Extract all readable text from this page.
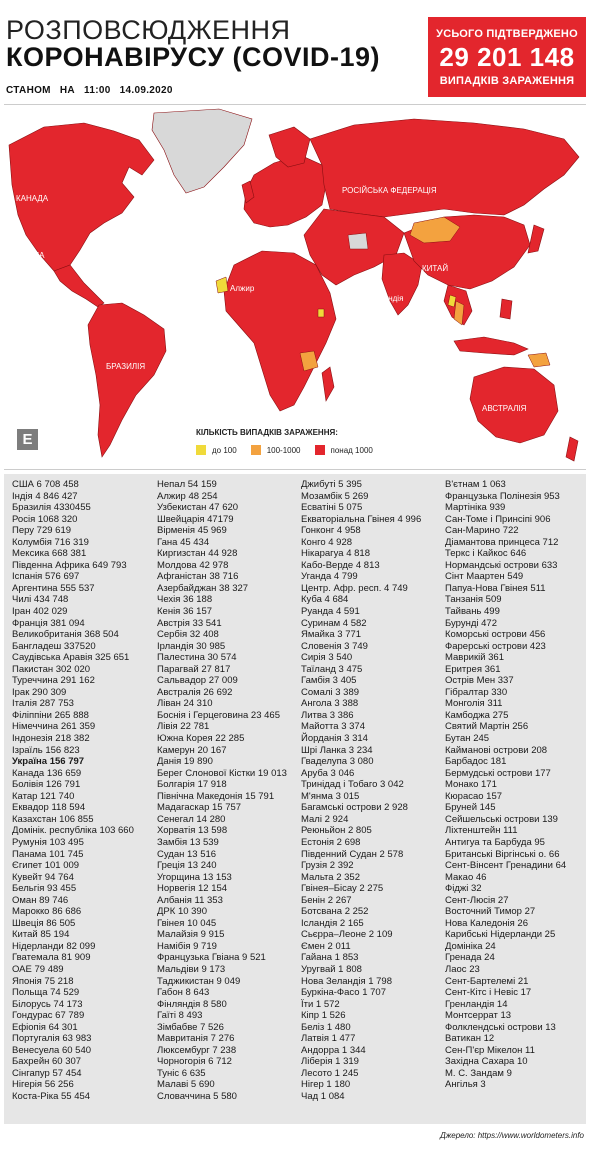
РОЗПОВСЮДЖЕННЯ
КОРОНАВІРУСУ (COVID-19)
СТАНОМ НА 11:00 14.09.2020
УСЬОГО ПІДТВЕРДЖЕНО
29 201 148
ВИПАДКІВ ЗАРАЖЕННЯ
КАНАДА
США
БРАЗИЛІЯ
РОСІЙСЬКА ФЕДЕРАЦІЯ
КИТАЙ
АВСТРАЛІЯ
Алжир
Франція
Україна
Індія
Е	КІЛЬКІСТЬ ВИПАДКІВ ЗАРАЖЕННЯ:
до 100	100-1000	понад 1000
США 6 708 458
Індія 4 846 427
Бразилія 4330455
Росія 1068 320
Перу 729 619
Колумбія 716 319
Мексика 668 381
Південна Африка 649 793
Іспанія 576 697
Аргентина 555 537
Чилі 434 748
Іран 402 029
Франція 381 094
Великобританія 368 504
Бангладеш 337520
Саудівська Аравія 325 651
Пакистан 302 020
Туреччина 291 162
Ірак 290 309
Італія 287 753
Філіппіни 265 888
Німеччина 261 359
Індонезія 218 382
Ізраїль 156 823
Україна 156 797
Канада 136 659
Болівія 126 791
Катар 121 740
Еквадор 118 594
Казахстан 106 855
Домінік. республіка 103 660
Румунія 103 495
Панама 101 745
Єгипет 101 009
Кувейт 94 764
Бельгія 93 455
Оман 89 746
Мароккo 86 686
Швеція 86 505
Китай 85 194
Нідерланди 82 099
Гватемала 81 909
ОАЕ 79 489
Японія 75 218
Польща 74 529
Білорусь 74 173
Гондурас 67 789
Ефіопія 64 301
Португалія 63 983
Венесуела 60 540
Бахрейн 60 307
Сінгапур 57 454
Нігерія 56 256
Коста-Ріка 55 454
Непал 54 159
Алжир 48 254
Узбекистан 47 620
Швейцарія 47179
Вірменія 45 969
Гана 45 434
Киргизстан 44 928
Молдова 42 978
Афганістан 38 716
Азербайджан 38 327
Чехія 36 188
Кенія 36 157
Австрія 33 541
Сербія 32 408
Ірландія 30 985
Палестина 30 574
Парагвай 27 817
Сальвадор 27 009
Австралія 26 692
Ліван 24 310
Боснія і Герцеговина 23 465
Лівія 22 781
Южна Корея 22 285
Камерун 20 167
Данія 19 890
Берег Слонової Кістки 19 013
Болгарія 17 918
Північна Македонія 15 791
Мадагаскар 15 757
Сенегал 14 280
Хорватія 13 598
Замбія 13 539
Судан 13 516
Греція 13 240
Угорщина 13 153
Норвегія 12 154
Албанія 11 353
ДРК 10 390
Гвінея 10 045
Малайзія 9 915
Намібія 9 719
Французька Гвіана 9 521
Мальдіви 9 173
Таджикистан 9 049
Габон 8 643
Фінляндія 8 580
Гаїті 8 493
Зімбабве 7 526
Мавританія 7 276
Люксембург 7 238
Чорногорія 6 712
Туніс 6 635
Малаві 5 690
Словаччина 5 580
Джибуті 5 395
Мозамбік 5 269
Есватіні 5 075
Екваторіальна Гвінея 4 996
Гонконг 4 958
Конго 4 928
Нікарагуа 4 818
Кабо-Верде 4 813
Уганда 4 799
Центр. Афр. респ. 4 749
Куба 4 684
Руанда 4 591
Суринам 4 582
Ямайка 3 771
Словенія 3 749
Сирія 3 540
Таїланд 3 475
Гамбія 3 405
Сомалі 3 389
Ангола 3 388
Литва 3 386
Майотта 3 374
Йорданія 3 314
Шрі Ланка 3 234
Гваделупа 3 080
Аруба 3 046
Тринідад і Тобаго 3 042
М'янма 3 015
Багамські острови 2 928
Малі 2 924
Реюньйон 2 805
Естонія 2 698
Південний Судан 2 578
Грузія 2 392
Мальта 2 352
Гвінея–Бісау 2 275
Бенін 2 267
Ботсвана 2 252
Ісландія 2 165
Сьєрра–Леоне 2 109
Ємен 2 011
Гайана 1 853
Уругвай 1 808
Нова Зеландія 1 798
Буркіна-Фасо 1 707
Їти 1 572
Кіпр 1 526
Беліз 1 480
Латвія 1 477
Андорра 1 344
Ліберія 1 319
Лесото 1 245
Нігер 1 180
Чад 1 084
В'єтнам 1 063
Французька Полінезія 953
Мартініка 939
Сан-Томе і Принсіпі 906
Сан-Марино 722
Діамантова принцеса 712
Теркс і Кайкос 646
Нормандські острови 633
Сінт Маартен 549
Папуа-Нова Гвінея 511
Танзанія 509
Тайвань 499
Бурунді 472
Коморські острови 456
Фарерські острови 423
Маврикій 361
Еритрея 361
Острів Мен 337
Гібралтар 330
Монголія 311
Камбоджа 275
Святий Мартін 256
Бутан 245
Кайманові острови 208
Барбадос 181
Бермудські острови 177
Монако 171
Кюрасао 157
Бруней 145
Сейшельські острови 139
Ліхтенштейн 111
Антигуа та Барбуда 95
Британські Віргінські о. 66
Сент-Вінсент Гренадини 64
Макао 46
Фіджі 32
Сент-Люсія 27
Восточний Тимор 27
Нова Каледонія 26
Карибські Нідерланди 25
Домініка 24
Гренада 24
Лаос 23
Сент-Бартелемі 21
Сент-Кітс і Невіс 17
Гренландія 14
Монтсеррат 13
Фолклендські острови 13
Ватикан 12
Сен-П'єр Мікелон 11
Західна Сахара 10
М. С. Зандам 9
Ангілья 3
Джерело: https://www.worldometers.info
